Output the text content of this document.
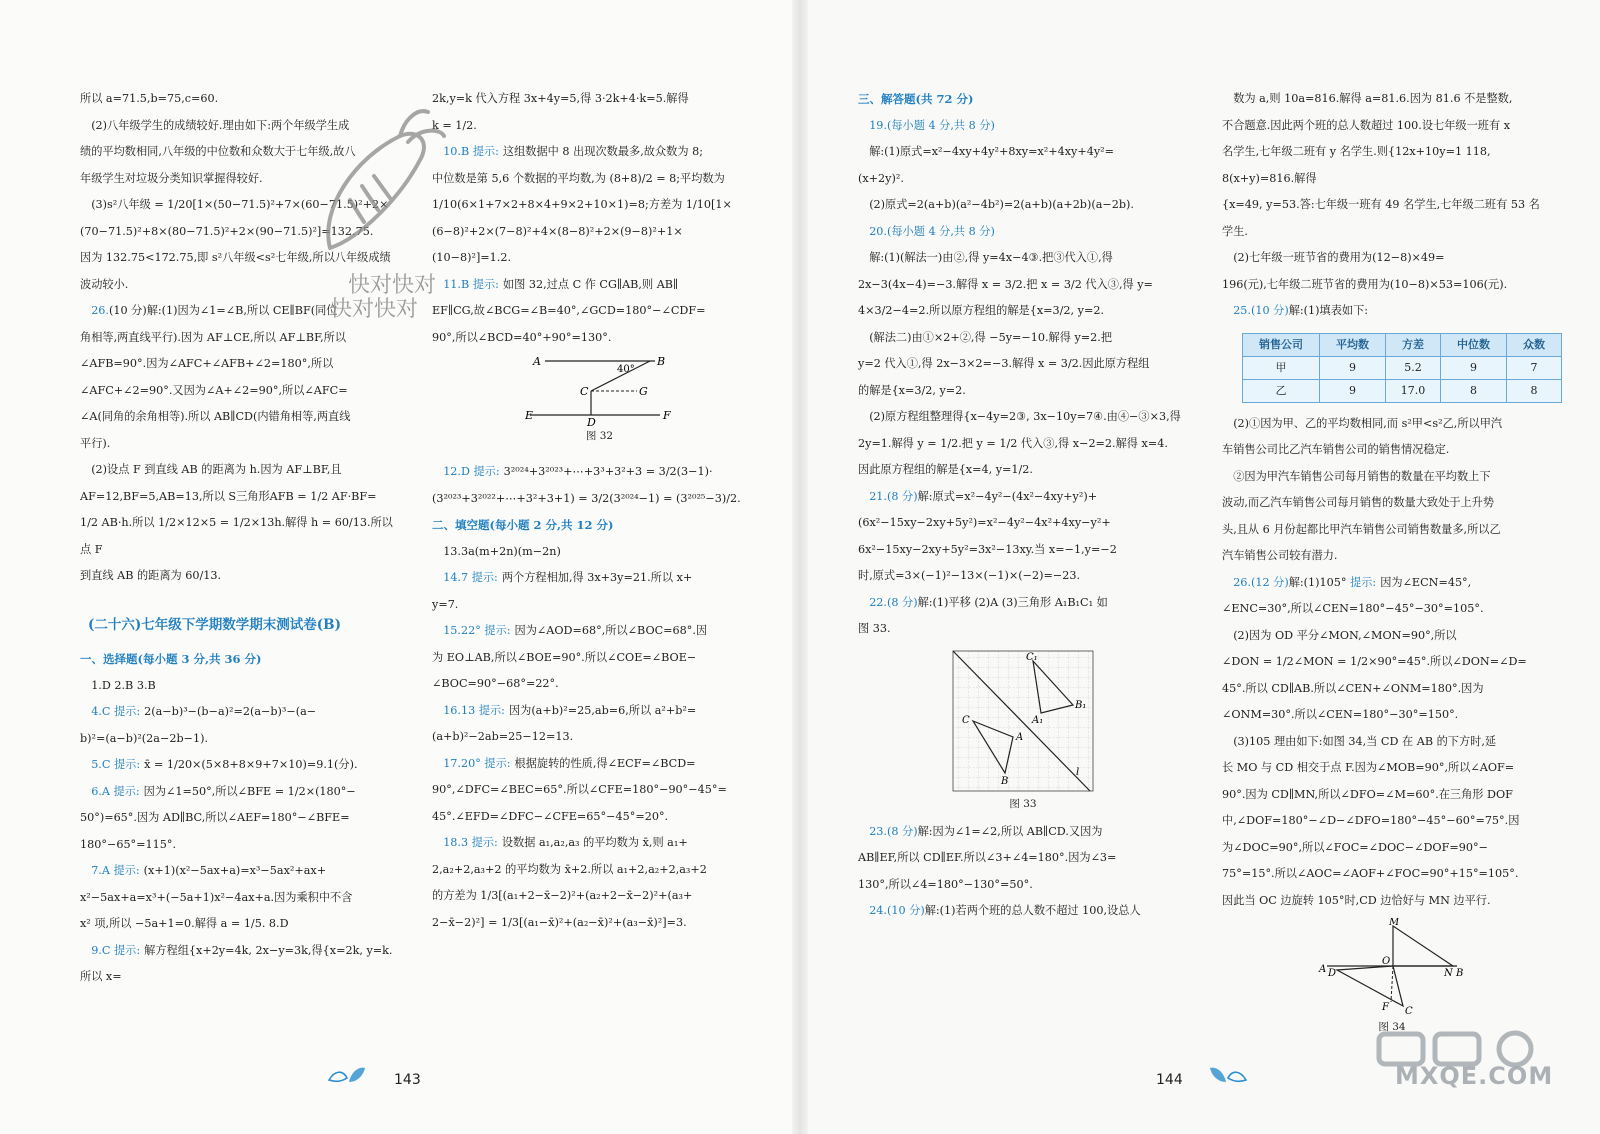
所以 a=71.5,b=75,c=60.

(2)八年级学生的成绩较好.理由如下:两个年级学生成

绩的平均数相同,八年级的中位数和众数大于七年级,故八

年级学生对垃圾分类知识掌握得较好.

(3)s²八年级 = 1/20[1×(50−71.5)²+7×(60−71.5)²+2×

(70−71.5)²+8×(80−71.5)²+2×(90−71.5)²]=132.75.

因为 132.75<172.75,即 s²八年级<s²七年级,所以八年级成绩

波动较小.

26.(10 分)解:(1)因为∠1=∠B,所以 CE∥BF(同位

角相等,两直线平行).因为 AF⊥CE,所以 AF⊥BF,所以

∠AFB=90°.因为∠AFC+∠AFB+∠2=180°,所以

∠AFC+∠2=90°.又因为∠A+∠2=90°,所以∠AFC=

∠A(同角的余角相等).所以 AB∥CD(内错角相等,两直线

平行).

(2)设点 F 到直线 AB 的距离为 h.因为 AF⊥BF,且

AF=12,BF=5,AB=13,所以 S三角形AFB = 1/2 AF·BF=

1/2 AB·h.所以 1/2×12×5 = 1/2×13h.解得 h = 60/13.所以点 F

到直线 AB 的距离为 60/13.

(二十六)七年级下学期数学期末测试卷(B)

一、选择题(每小题 3 分,共 36 分)

1.D 2.B 3.B

4.C 提示: 2(a−b)³−(b−a)²=2(a−b)³−(a−

b)²=(a−b)²(2a−2b−1).

5.C 提示: x̄ = 1/20×(5×8+8×9+7×10)=9.1(分).

6.A 提示: 因为∠1=50°,所以∠BFE = 1/2×(180°−

50°)=65°.因为 AD∥BC,所以∠AEF=180°−∠BFE=

180°−65°=115°.

7.A 提示: (x+1)(x²−5ax+a)=x³−5ax²+ax+

x²−5ax+a=x³+(−5a+1)x²−4ax+a.因为乘积中不含

x² 项,所以 −5a+1=0.解得 a = 1/5. 8.D

9.C 提示: 解方程组{x+2y=4k, 2x−y=3k,得{x=2k, y=k.所以 x=

2k,y=k 代入方程 3x+4y=5,得 3·2k+4·k=5.解得

k = 1/2.

10.B 提示: 这组数据中 8 出现次数最多,故众数为 8;

中位数是第 5,6 个数据的平均数,为 (8+8)/2 = 8;平均数为

1/10(6×1+7×2+8×4+9×2+10×1)=8;方差为 1/10[1×

(6−8)²+2×(7−8)²+4×(8−8)²+2×(9−8)²+1×

(10−8)²]=1.2.

11.B 提示: 如图 32,过点 C 作 CG∥AB,则 AB∥

EF∥CG,故∠BCG=∠B=40°,∠GCD=180°−∠CDF=

90°,所以∠BCD=40°+90°=130°.

A	B
40°
C	G
E
D
F
图 32

12.D 提示: 3²⁰²⁴+3²⁰²³+⋯+3³+3²+3 = 3/2(3−1)·

(3²⁰²³+3²⁰²²+⋯+3²+3+1) = 3/2(3²⁰²⁴−1) = (3²⁰²⁵−3)/2.

二、填空题(每小题 2 分,共 12 分)

13.3a(m+2n)(m−2n)

14.7 提示: 两个方程相加,得 3x+3y=21.所以 x+

y=7.

15.22° 提示: 因为∠AOD=68°,所以∠BOC=68°.因

为 EO⊥AB,所以∠BOE=90°.所以∠COE=∠BOE−

∠BOC=90°−68°=22°.

16.13 提示: 因为(a+b)²=25,ab=6,所以 a²+b²=

(a+b)²−2ab=25−12=13.

17.20° 提示: 根据旋转的性质,得∠ECF=∠BCD=

90°,∠DFC=∠BEC=65°.所以∠CFE=180°−90°−45°=

45°.∠EFD=∠DFC−∠CFE=65°−45°=20°.

18.3 提示: 设数据 a₁,a₂,a₃ 的平均数为 x̄,则 a₁+

2,a₂+2,a₃+2 的平均数为 x̄+2.所以 a₁+2,a₂+2,a₃+2

的方差为 1/3[(a₁+2−x̄−2)²+(a₂+2−x̄−2)²+(a₃+

2−x̄−2)²] = 1/3[(a₁−x̄)²+(a₂−x̄)²+(a₃−x̄)²]=3.

三、解答题(共 72 分)

19.(每小题 4 分,共 8 分)

解:(1)原式=x²−4xy+4y²+8xy=x²+4xy+4y²=

(x+2y)².

(2)原式=2(a+b)(a²−4b²)=2(a+b)(a+2b)(a−2b).

20.(每小题 4 分,共 8 分)

解:(1)(解法一)由②,得 y=4x−4③.把③代入①,得

2x−3(4x−4)=−3.解得 x = 3/2.把 x = 3/2 代入③,得 y=

4×3/2−4=2.所以原方程组的解是{x=3/2, y=2.

(解法二)由①×2+②,得 −5y=−10.解得 y=2.把

y=2 代入①,得 2x−3×2=−3.解得 x = 3/2.因此原方程组

的解是{x=3/2, y=2.

(2)原方程组整理得{x−4y=2③, 3x−10y=7④.由④−③×3,得

2y=1.解得 y = 1/2.把 y = 1/2 代入③,得 x−2=2.解得 x=4.

因此原方程组的解是{x=4, y=1/2.

21.(8 分)解:原式=x²−4y²−(4x²−4xy+y²)+

(6x²−15xy−2xy+5y²)=x²−4y²−4x²+4xy−y²+

6x²−15xy−2xy+5y²=3x²−13xy.当 x=−1,y=−2

时,原式=3×(−1)²−13×(−1)×(−2)=−23.

22.(8 分)解:(1)平移 (2)A (3)三角形 A₁B₁C₁ 如

图 33.

C₁
B₁
A₁
C
A
B
l
图 33

23.(8 分)解:因为∠1=∠2,所以 AB∥CD.又因为

AB∥EF,所以 CD∥EF.所以∠3+∠4=180°.因为∠3=

130°,所以∠4=180°−130°=50°.

24.(10 分)解:(1)若两个班的总人数不超过 100,设总人

数为 a,则 10a=816.解得 a=81.6.因为 81.6 不是整数,

不合题意.因此两个班的总人数超过 100.设七年级一班有 x

名学生,七年级二班有 y 名学生.则{12x+10y=1 118, 8(x+y)=816.解得

{x=49, y=53.答:七年级一班有 49 名学生,七年级二班有 53 名

学生.

(2)七年级一班节省的费用为(12−8)×49=

196(元),七年级二班节省的费用为(10−8)×53=106(元).

25.(10 分)解:(1)填表如下:

销售公司	平均数	方差	中位数	众数
甲	9	5.2	9	7
乙	9	17.0	8	8

(2)①因为甲、乙的平均数相同,而 s²甲<s²乙,所以甲汽

车销售公司比乙汽车销售公司的销售情况稳定.

②因为甲汽车销售公司每月销售的数量在平均数上下

波动,而乙汽车销售公司每月销售的数量大致处于上升势

头,且从 6 月份起都比甲汽车销售公司销售数量多,所以乙

汽车销售公司较有潜力.

26.(12 分)解:(1)105° 提示: 因为∠ECN=45°,

∠ENC=30°,所以∠CEN=180°−45°−30°=105°.

(2)因为 OD 平分∠MON,∠MON=90°,所以

∠DON = 1/2∠MON = 1/2×90°=45°.所以∠DON=∠D=

45°.所以 CD∥AB.所以∠CEN+∠ONM=180°.因为

∠ONM=30°.所以∠CEN=180°−30°=150°.

(3)105 理由如下:如图 34,当 CD 在 AB 的下方时,延

长 MO 与 CD 相交于点 F.因为∠MOB=90°,所以∠AOF=

90°.因为 CD∥MN,所以∠DFO=∠M=60°.在三角形 DOF

中,∠DOF=180°−∠D−∠DFO=180°−45°−60°=75°.因

为∠DOC=90°,所以∠FOC=∠DOC−∠DOF=90°−

75°=15°.所以∠AOC=∠AOF+∠FOC=90°+15°=105°.

因此当 OC 边旋转 105°时,CD 边恰好与 MN 边平行.

M
O
A D	N B
F C
图 34
快对快对
快对快对
143	144	MXQE.COM
